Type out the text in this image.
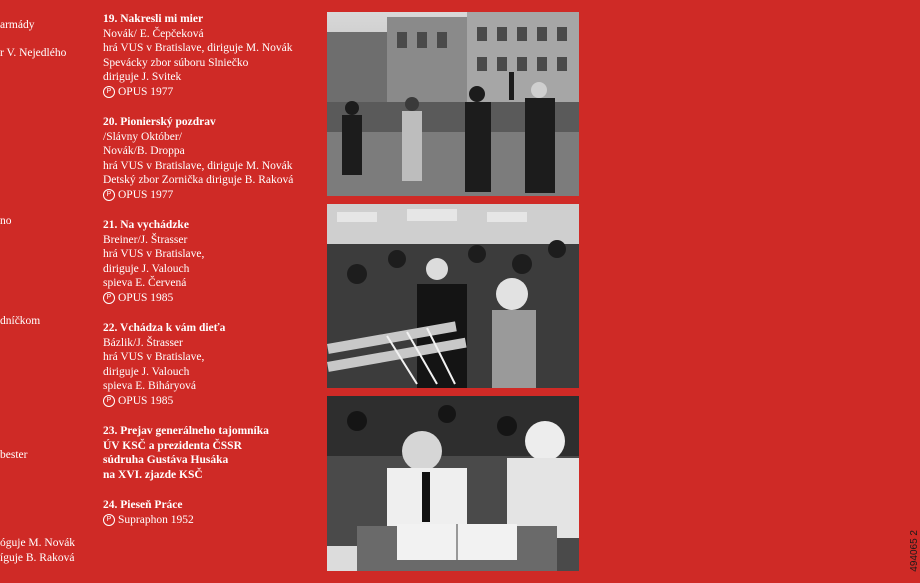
armády
r V. Nejedlého
no
dníčkom
bester
óguje M. Novák
íguje B. Raková
19. Nakresli mi mier
Novák/ E. Čepčeková
hrá VUS v Bratislave, diriguje M. Novák
Spevácky zbor súboru Slniečko
diriguje J. Svitek
P OPUS 1977
20. Pionierský pozdrav
/Slávny Október/
Novák/B. Droppa
hrá VUS v Bratislave, diriguje M. Novák
Detský zbor Zornička diriguje B. Raková
P OPUS 1977
21. Na vychádzke
Breiner/J. Štrasser
hrá VUS v Bratislave,
diriguje J. Valouch
spieva E. Červená
P OPUS 1985
22. Vchádza k vám dieťa
Bázlik/J. Štrasser
hrá VUS v Bratislave,
diriguje J. Valouch
spieva E. Biháryová
P OPUS 1985
23. Prejav generálneho tajomníka
ÚV KSČ a prezidenta ČSSR
súdruha Gustáva Husáka
na XVI. zjazde KSČ
24. Pieseň Práce
P Supraphon 1952
494065 2
